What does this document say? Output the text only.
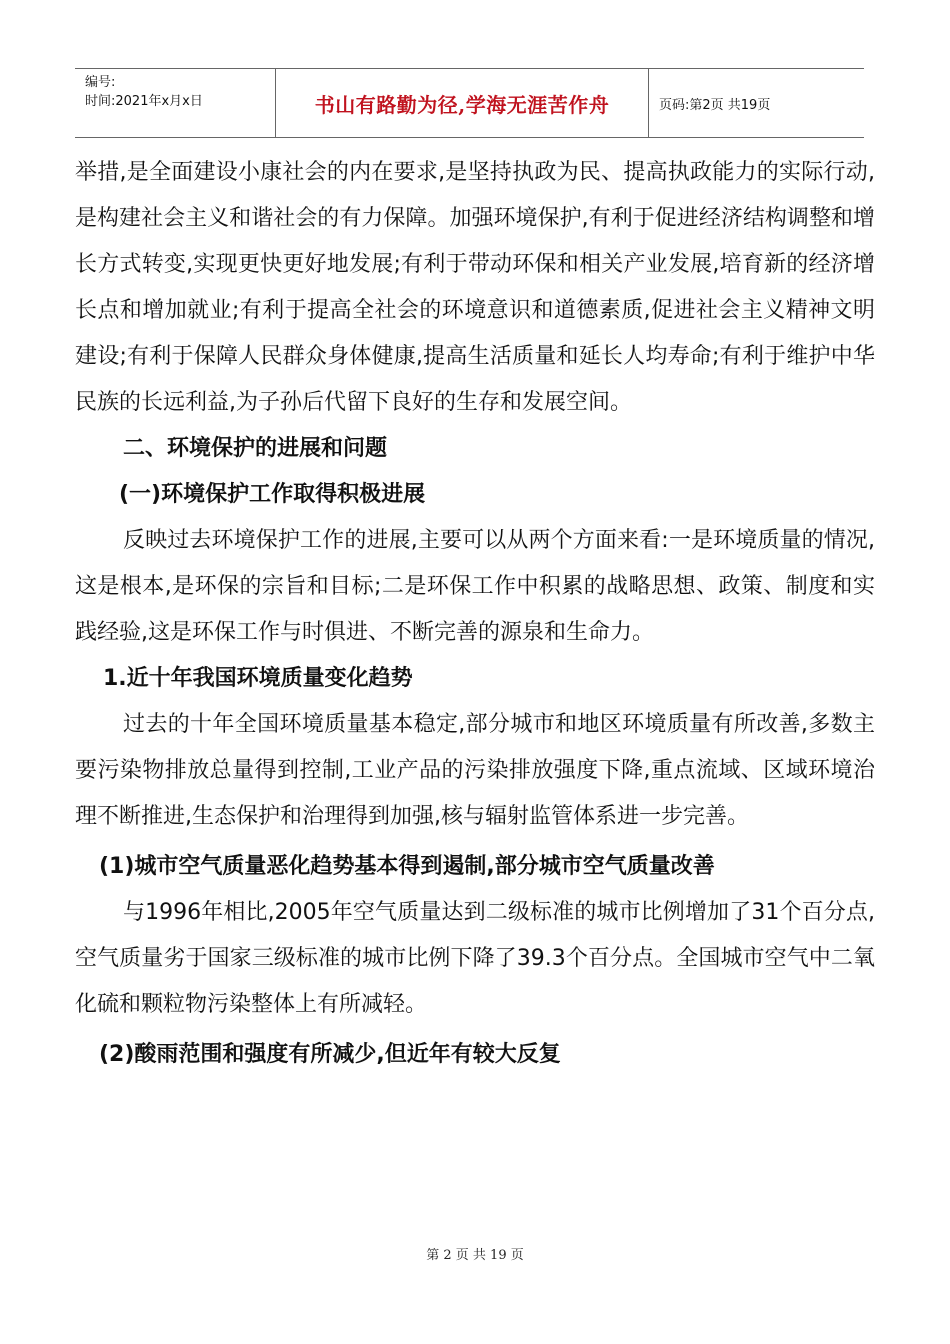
编号:
时间:2021年x月x日	书山有路勤为径,学海无涯苦作舟	页码:第2页 共19页

举措,是全面建设小康社会的内在要求,是坚持执政为民、提高执政能力的实际行动,是构建社会主义和谐社会的有力保障。加强环境保护,有利于促进经济结构调整和增长方式转变,实现更快更好地发展;有利于带动环保和相关产业发展,培育新的经济增长点和增加就业;有利于提高全社会的环境意识和道德素质,促进社会主义精神文明建设;有利于保障人民群众身体健康,提高生活质量和延长人均寿命;有利于维护中华民族的长远利益,为子孙后代留下良好的生存和发展空间。

二、环境保护的进展和问题

(一)环境保护工作取得积极进展

反映过去环境保护工作的进展,主要可以从两个方面来看:一是环境质量的情况,这是根本,是环保的宗旨和目标;二是环保工作中积累的战略思想、政策、制度和实践经验,这是环保工作与时俱进、不断完善的源泉和生命力。

1.近十年我国环境质量变化趋势

过去的十年全国环境质量基本稳定,部分城市和地区环境质量有所改善,多数主要污染物排放总量得到控制,工业产品的污染排放强度下降,重点流域、区域环境治理不断推进,生态保护和治理得到加强,核与辐射监管体系进一步完善。

(1)城市空气质量恶化趋势基本得到遏制,部分城市空气质量改善

与1996年相比,2005年空气质量达到二级标准的城市比例增加了31个百分点,空气质量劣于国家三级标准的城市比例下降了39.3个百分点。全国城市空气中二氧化硫和颗粒物污染整体上有所减轻。

(2)酸雨范围和强度有所减少,但近年有较大反复

第 2 页 共 19 页
